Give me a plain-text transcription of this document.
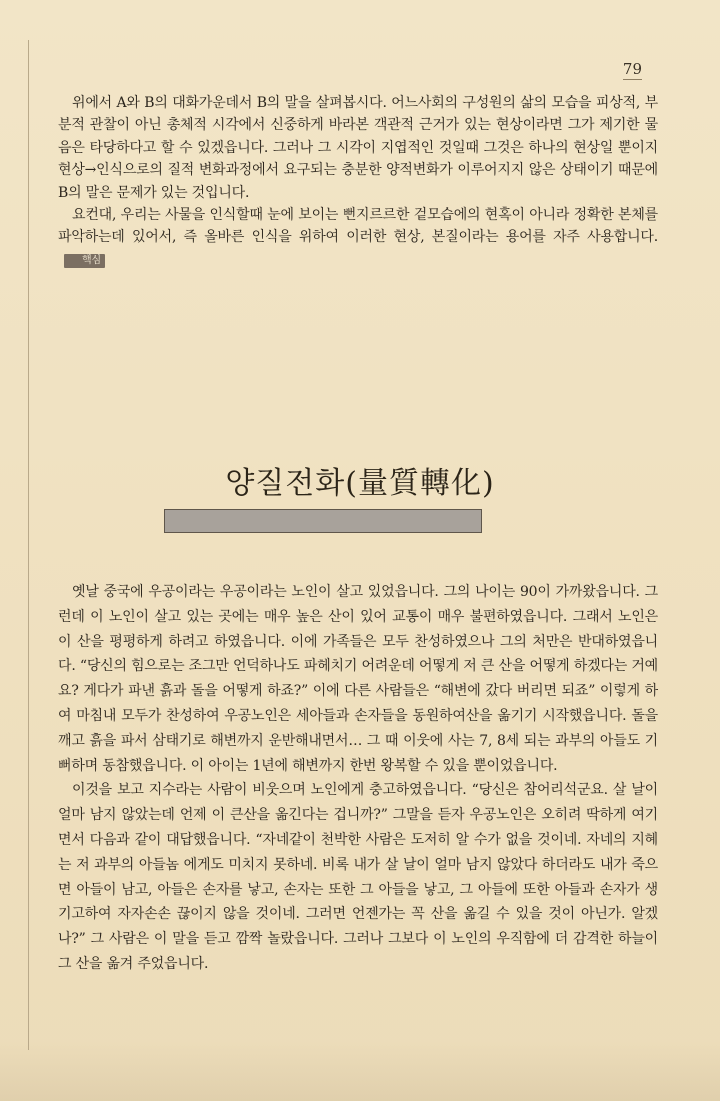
79

위에서 A와 B의 대화가운데서 B의 말을 살펴봅시다. 어느사회의 구성원의 삶의 모습을 피상적, 부분적 관찰이 아닌 총체적 시각에서 신중하게 바라본 객관적 근거가 있는 현상이라면 그가 제기한 물음은 타당하다고 할 수 있겠읍니다. 그러나 그 시각이 지엽적인 것일때 그것은 하나의 현상일 뿐이지 현상→인식으로의 질적 변화과정에서 요구되는 충분한 양적변화가 이루어지지 않은 상태이기 때문에 B의 말은 문제가 있는 것입니다.

요컨대, 우리는 사물을 인식할때 눈에 보이는 뻔지르르한 겉모습에의 현혹이 아니라 정확한 본체를 파악하는데 있어서, 즉 올바른 인식을 위하여 이러한 현상, 본질이라는 용어를 자주 사용합니다.핵심

양질전화(量質轉化)

옛날 중국에 우공이라는 우공이라는 노인이 살고 있었읍니다. 그의 나이는 90이 가까왔읍니다. 그런데 이 노인이 살고 있는 곳에는 매우 높은 산이 있어 교통이 매우 불편하였읍니다. 그래서 노인은 이 산을 평평하게 하려고 하였읍니다. 이에 가족들은 모두 찬성하였으나 그의 처만은 반대하였읍니다. “당신의 힘으로는 조그만 언덕하나도 파헤치기 어려운데 어떻게 저 큰 산을 어떻게 하겠다는 거예요? 게다가 파낸 흙과 돌을 어떻게 하죠?” 이에 다른 사람들은 “해변에 갔다 버리면 되죠” 이렇게 하여 마침내 모두가 찬성하여 우공노인은 세아들과 손자들을 동원하여산을 옮기기 시작했읍니다. 돌을 깨고 흙을 파서 삼태기로 해변까지 운반해내면서… 그 때 이웃에 사는 7, 8세 되는 과부의 아들도 기뻐하며 동참했읍니다. 이 아이는 1년에 해변까지 한번 왕복할 수 있을 뿐이었읍니다.

이것을 보고 지수라는 사람이 비웃으며 노인에게 충고하였읍니다. “당신은 참어리석군요. 살 날이 얼마 남지 않았는데 언제 이 큰산을 옮긴다는 겁니까?” 그말을 듣자 우공노인은 오히려 딱하게 여기면서 다음과 같이 대답했읍니다. “자네같이 천박한 사람은 도저히 알 수가 없을 것이네. 자네의 지혜는 저 과부의 아들놈 에게도 미치지 못하네. 비록 내가 살 날이 얼마 남지 않았다 하더라도 내가 죽으면 아들이 남고, 아들은 손자를 낳고, 손자는 또한 그 아들을 낳고, 그 아들에 또한 아들과 손자가 생기고하여 자자손손 끊이지 않을 것이네. 그러면 언젠가는 꼭 산을 옮길 수 있을 것이 아닌가. 알겠나?” 그 사람은 이 말을 듣고 깜짝 놀랐읍니다. 그러나 그보다 이 노인의 우직함에 더 감격한 하늘이 그 산을 옮겨 주었읍니다.
